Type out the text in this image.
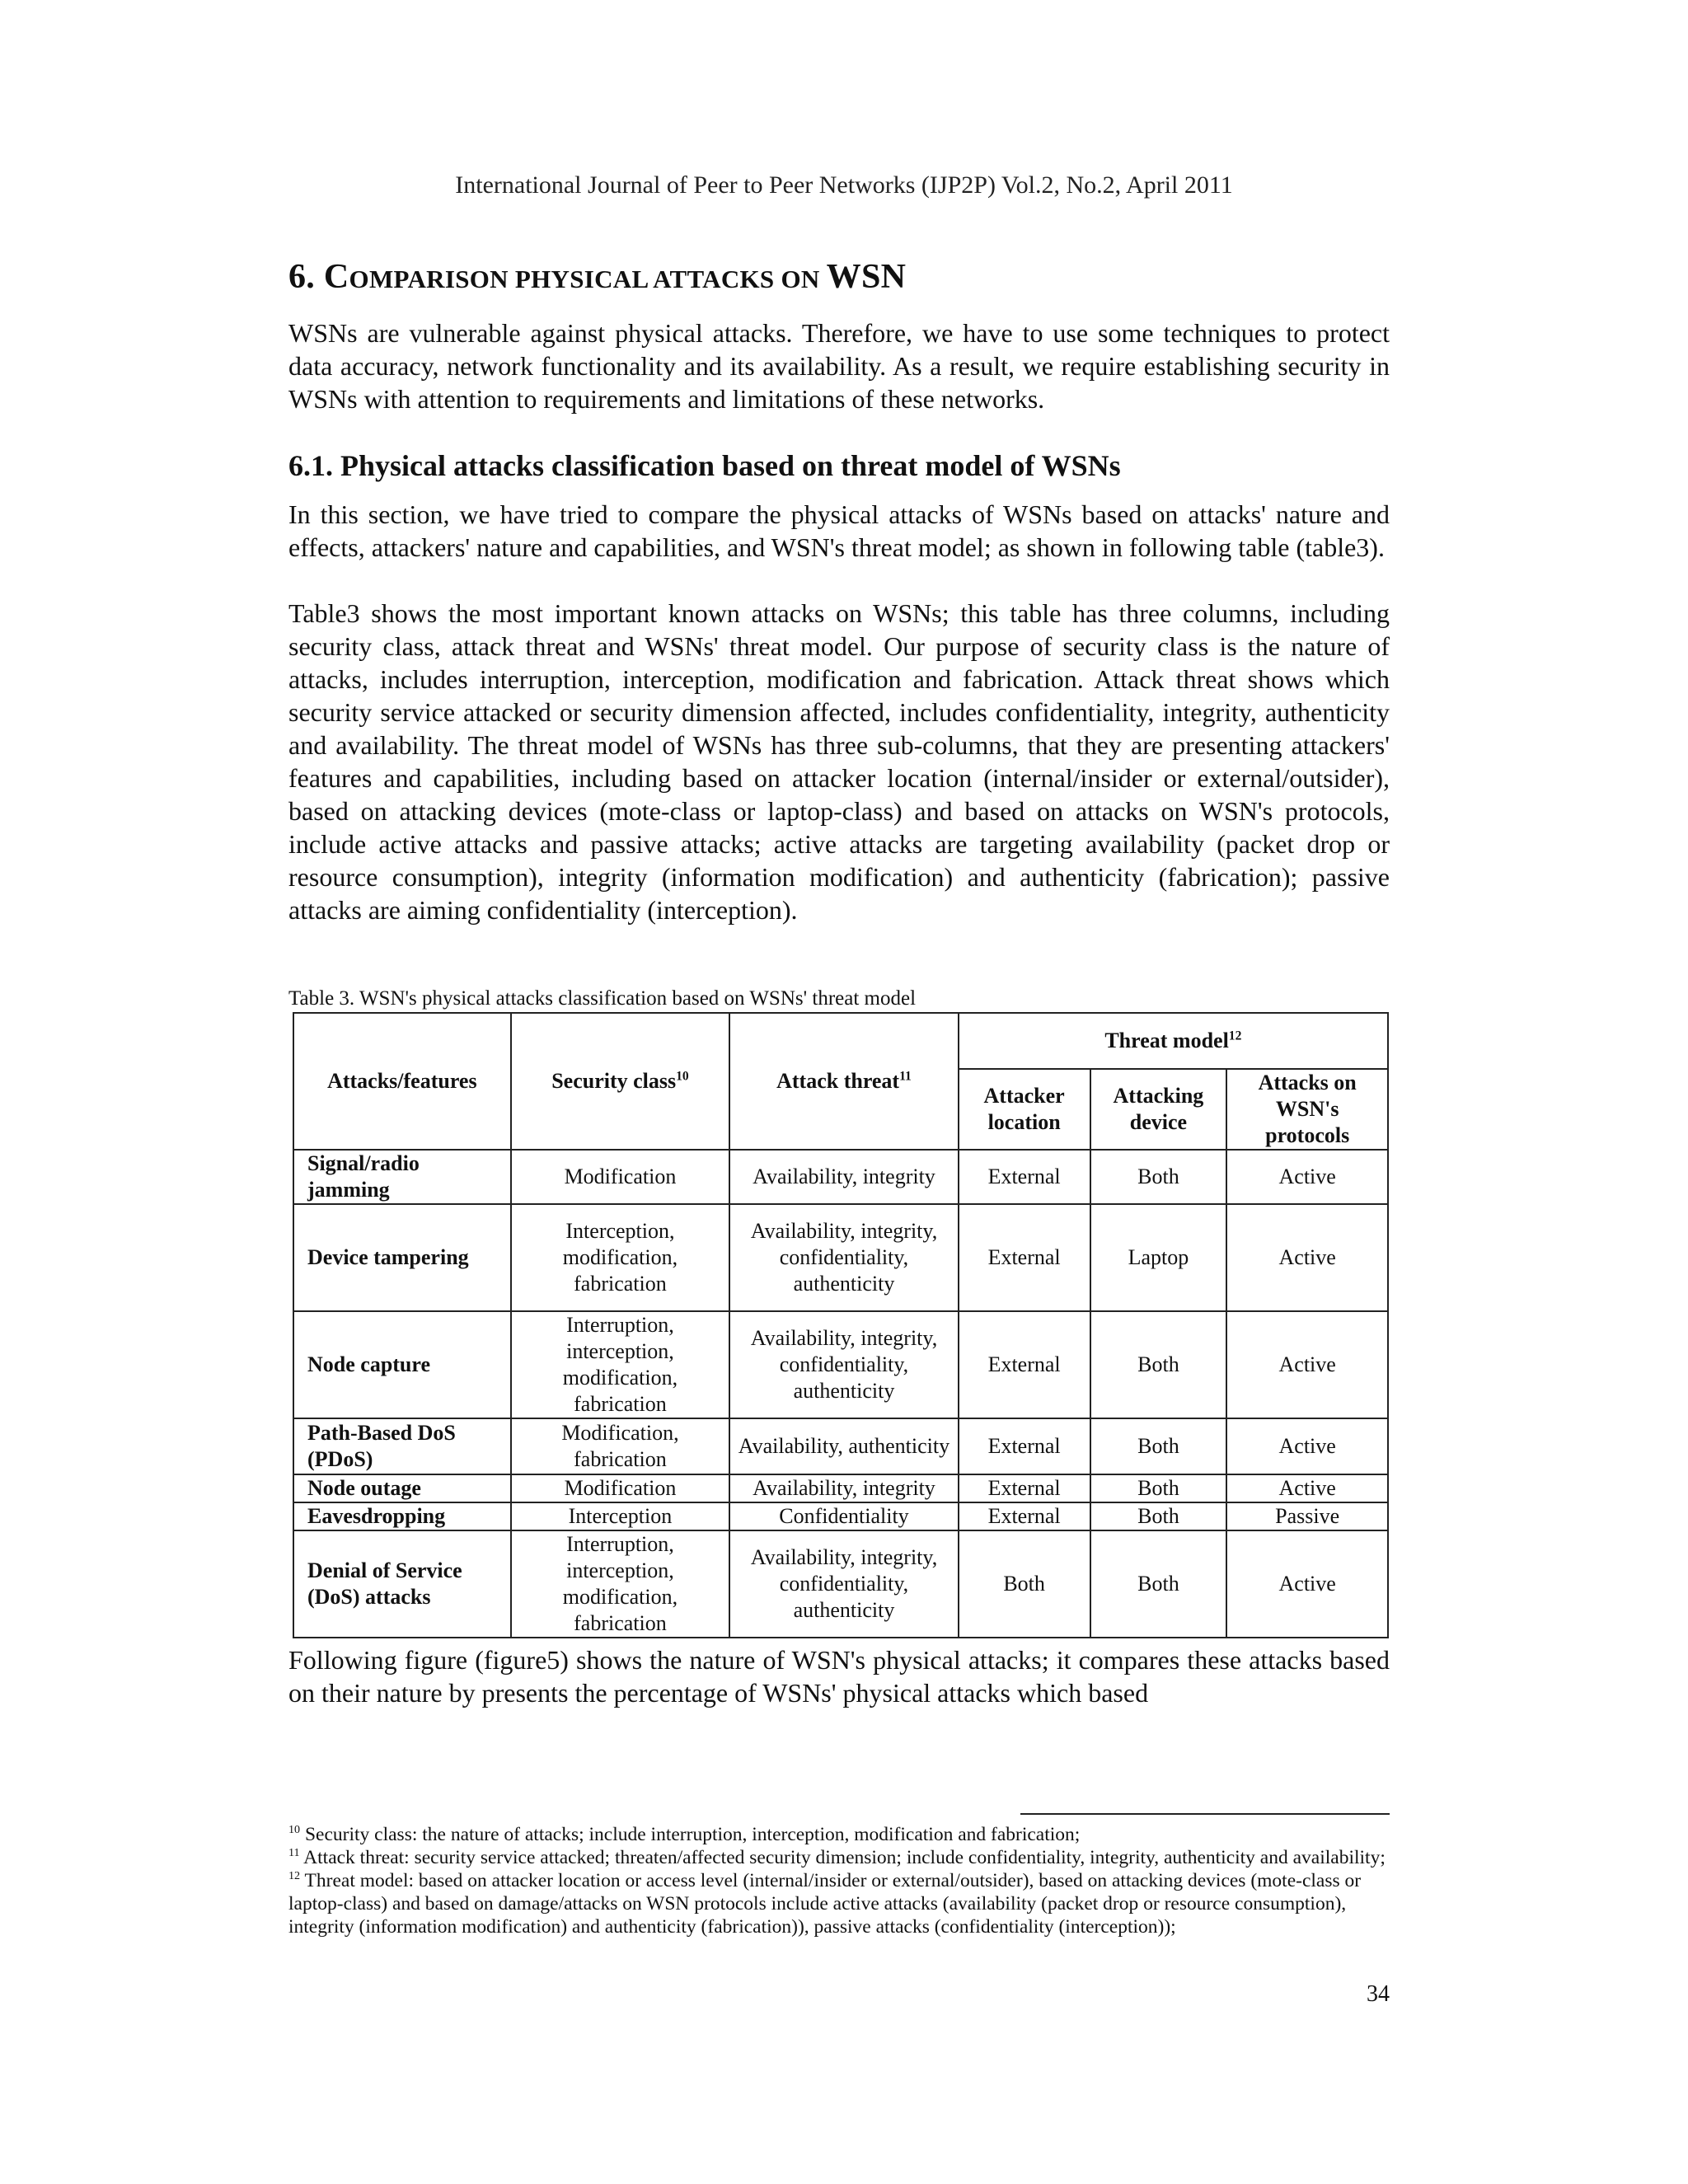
International Journal of Peer to Peer Networks (IJP2P) Vol.2, No.2, April 2011
6. COMPARISON PHYSICAL ATTACKS ON WSN

WSNs are vulnerable against physical attacks. Therefore, we have to use some techniques to protect data accuracy, network functionality and its availability. As a result, we require establishing security in WSNs with attention to requirements and limitations of these networks.

6.1. Physical attacks classification based on threat model of WSNs

In this section, we have tried to compare the physical attacks of WSNs based on attacks' nature and effects, attackers' nature and capabilities, and WSN's threat model; as shown in following table (table3).

Table3 shows the most important known attacks on WSNs; this table has three columns, including security class, attack threat and WSNs' threat model. Our purpose of security class is the nature of attacks, includes interruption, interception, modification and fabrication. Attack threat shows which security service attacked or security dimension affected, includes confidentiality, integrity, authenticity and availability. The threat model of WSNs has three sub-columns, that they are presenting attackers' features and capabilities, including based on attacker location (internal/insider or external/outsider), based on attacking devices (mote-class or laptop-class) and based on attacks on WSN's protocols, include active attacks and passive attacks; active attacks are targeting availability (packet drop or resource consumption), integrity (information modification) and authenticity (fabrication); passive attacks are aiming confidentiality (interception).

Table 3. WSN's physical attacks classification based on WSNs' threat model
Attacks/features	Security class$^{10}$	Attack threat$^{11}$	Threat model$^{12}$
			Attacker location	Attacking device	Attacks on WSN's protocols
Signal/radio jamming	Modification	Availability, integrity	External	Both	Active
Device tampering	Interception, modification, fabrication	Availability, integrity, confidentiality, authenticity	External	Laptop	Active
Node capture	Interruption, interception, modification, fabrication	Availability, integrity, confidentiality, authenticity	External	Both	Active
Path-Based DoS (PDoS)	Modification, fabrication	Availability, authenticity	External	Both	Active
Node outage	Modification	Availability, integrity	External	Both	Active
Eavesdropping	Interception	Confidentiality	External	Both	Passive
Denial of Service (DoS) attacks	Interruption, interception, modification, fabrication	Availability, integrity, confidentiality, authenticity	Both	Both	Active

Following figure (figure5) shows the nature of WSN's physical attacks; it compares these attacks based on their nature by presents the percentage of WSNs' physical attacks which based

$^{10}$ Security class: the nature of attacks; include interruption, interception, modification and fabrication;

$^{11}$ Attack threat: security service attacked; threaten/affected security dimension; include confidentiality, integrity, authenticity and availability;

$^{12}$ Threat model: based on attacker location or access level (internal/insider or external/outsider), based on attacking devices (mote-class or laptop-class) and based on damage/attacks on WSN protocols include active attacks (availability (packet drop or resource consumption), integrity (information modification) and authenticity (fabrication)), passive attacks (confidentiality (interception));

34
